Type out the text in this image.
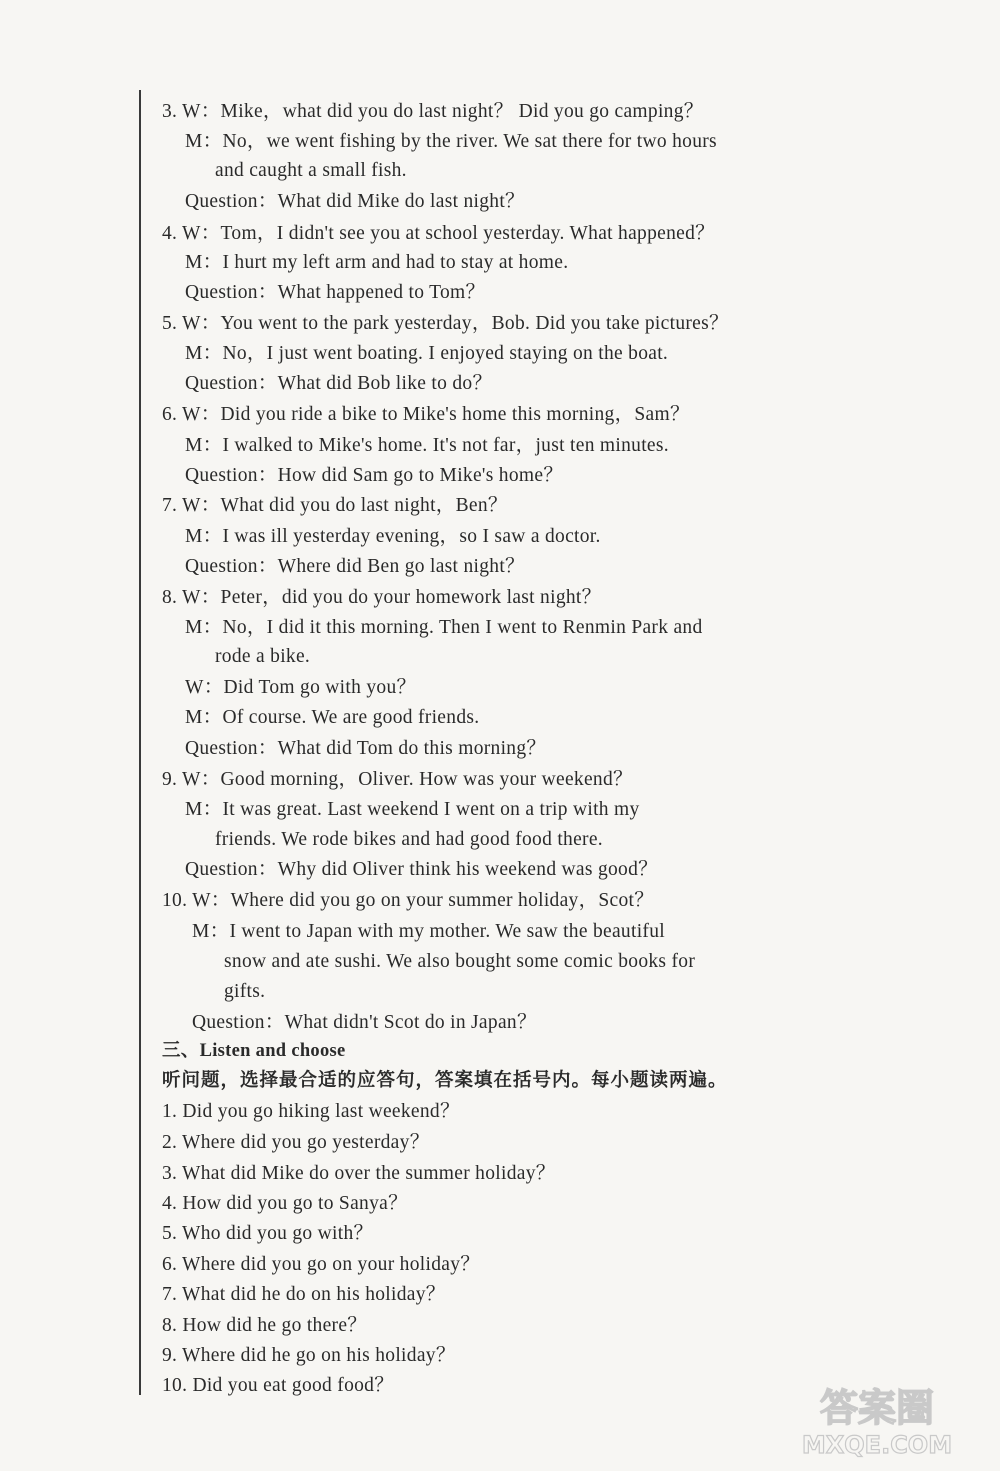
3. W：Mike，what did you do last night？ Did you go camping？
M：No，we went fishing by the river. We sat there for two hours
and caught a small fish.
Question：What did Mike do last night？
4. W：Tom，I didn't see you at school yesterday. What happened？
M：I hurt my left arm and had to stay at home.
Question：What happened to Tom？
5. W：You went to the park yesterday，Bob. Did you take pictures？
M：No，I just went boating. I enjoyed staying on the boat.
Question：What did Bob like to do？
6. W：Did you ride a bike to Mike's home this morning，Sam？
M：I walked to Mike's home. It's not far，just ten minutes.
Question：How did Sam go to Mike's home？
7. W：What did you do last night，Ben？
M：I was ill yesterday evening，so I saw a doctor.
Question：Where did Ben go last night？
8. W：Peter，did you do your homework last night？
M：No，I did it this morning. Then I went to Renmin Park and
rode a bike.
W：Did Tom go with you？
M：Of course. We are good friends.
Question：What did Tom do this morning？
9. W：Good morning，Oliver. How was your weekend？
M：It was great. Last weekend I went on a trip with my
friends. We rode bikes and had good food there.
Question：Why did Oliver think his weekend was good？
10. W：Where did you go on your summer holiday，Scot？
M：I went to Japan with my mother. We saw the beautiful
snow and ate sushi. We also bought some comic books for
gifts.
Question：What didn't Scot do in Japan？
三、Listen and choose
听问题，选择最合适的应答句，答案填在括号内。每小题读两遍。
1. Did you go hiking last weekend？
2. Where did you go yesterday？
3. What did Mike do over the summer holiday？
4. How did you go to Sanya？
5. Who did you go with？
6. Where did you go on your holiday？
7. What did he do on his holiday？
8. How did he go there？
9. Where did he go on his holiday？
10. Did you eat good food？
答案圈
MXQE.COM
